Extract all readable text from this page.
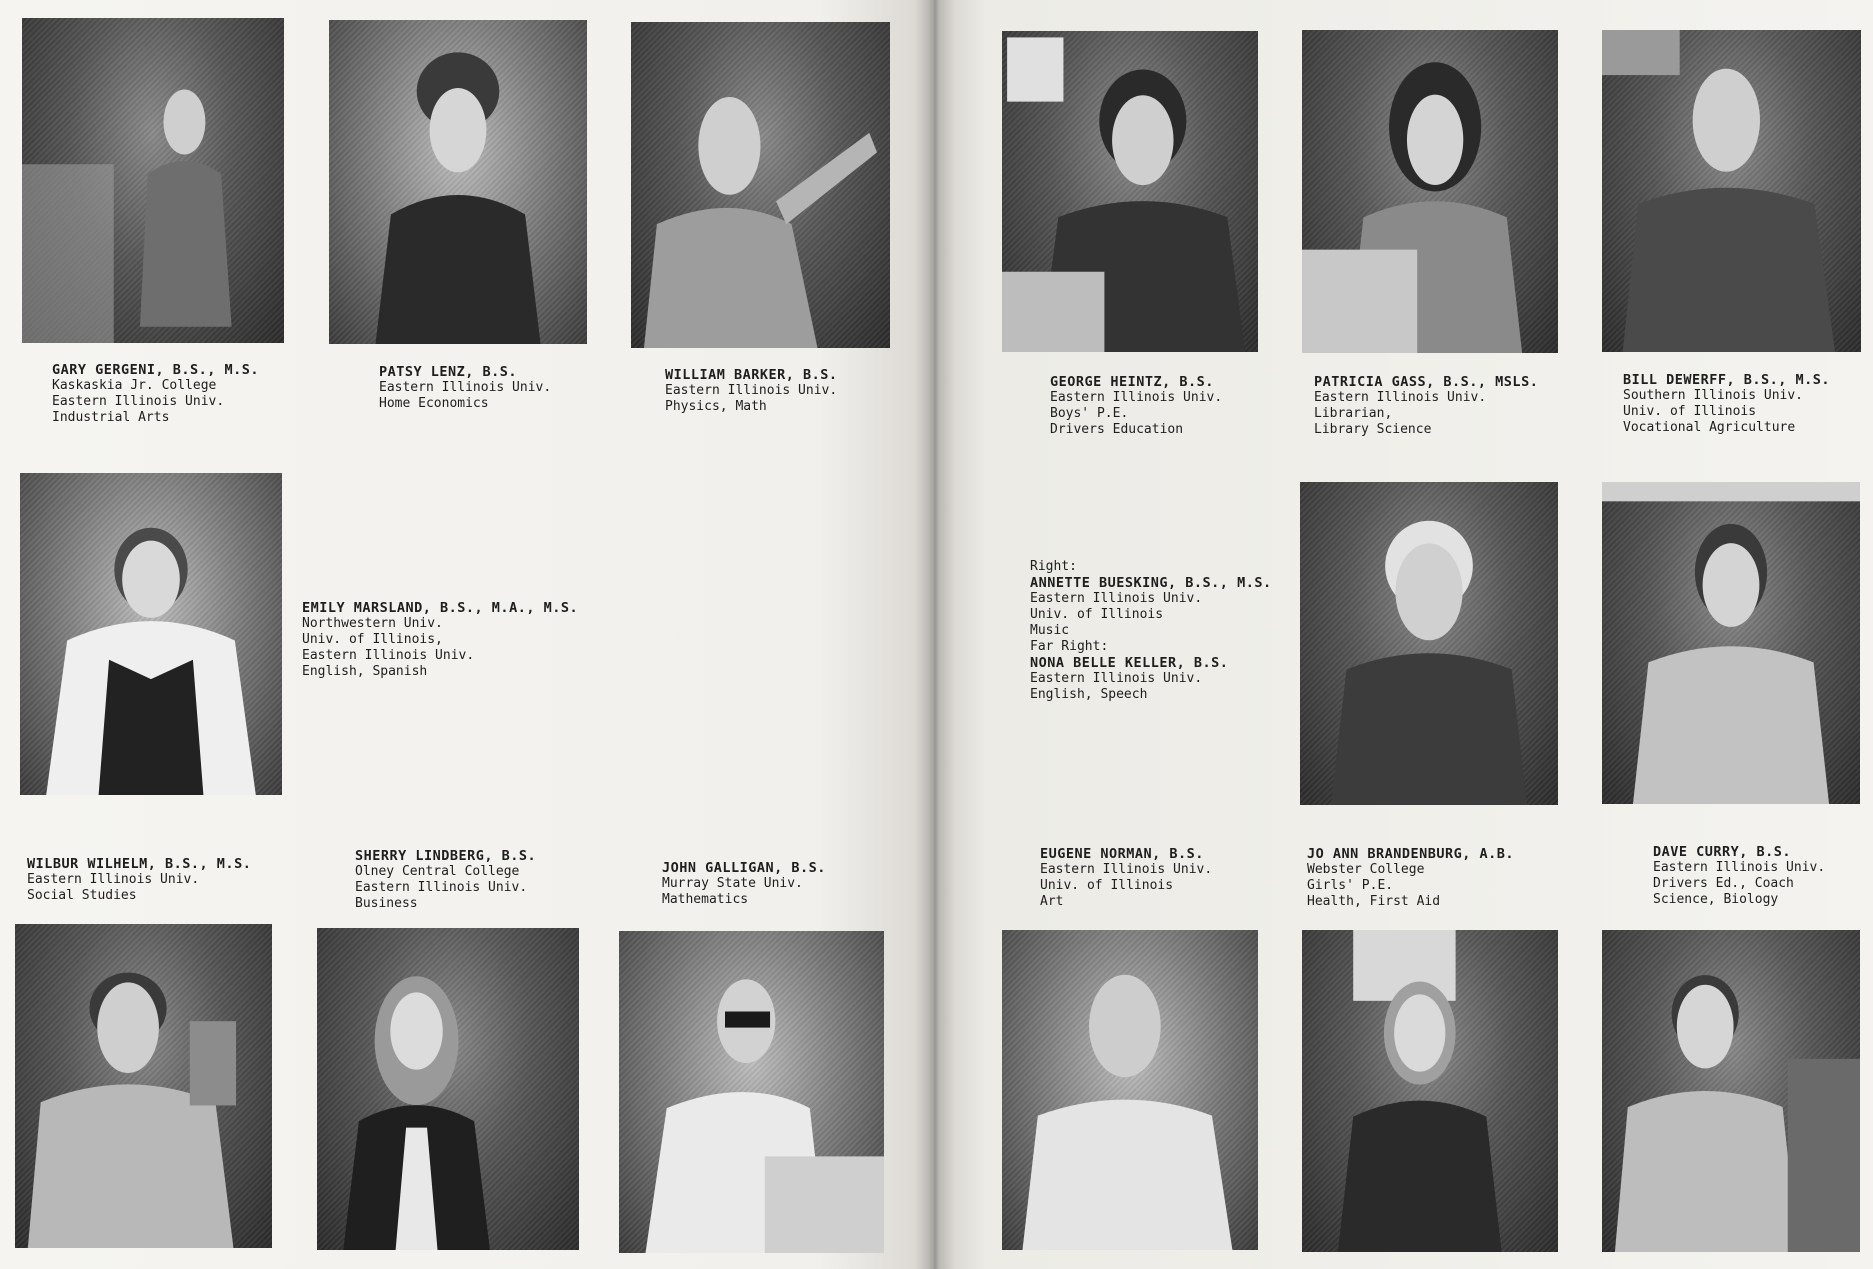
GARY GERGENI, B.S., M.S.
Kaskaskia Jr. College
Eastern Illinois Univ.
Industrial Arts
PATSY LENZ, B.S.
Eastern Illinois Univ.
Home Economics
WILLIAM BARKER, B.S.
Eastern Illinois Univ.
Physics, Math
EMILY MARSLAND, B.S., M.A., M.S.
Northwestern Univ.
Univ. of Illinois,
Eastern Illinois Univ.
English, Spanish
WILBUR WILHELM, B.S., M.S.
Eastern Illinois Univ.
Social Studies
SHERRY LINDBERG, B.S.
Olney Central College
Eastern Illinois Univ.
Business
JOHN GALLIGAN, B.S.
Murray State Univ.
Mathematics
GEORGE HEINTZ, B.S.
Eastern Illinois Univ.
Boys' P.E.
Drivers Education
PATRICIA GASS, B.S., MSLS.
Eastern Illinois Univ.
Librarian,
Library Science
BILL DEWERFF, B.S., M.S.
Southern Illinois Univ.
Univ. of Illinois
Vocational Agriculture
Right:
ANNETTE BUESKING, B.S., M.S.
Eastern Illinois Univ.
Univ. of Illinois
Music
Far Right:
NONA BELLE KELLER, B.S.
Eastern Illinois Univ.
English, Speech
EUGENE NORMAN, B.S.
Eastern Illinois Univ.
Univ. of Illinois
Art
JO ANN BRANDENBURG, A.B.
Webster College
Girls' P.E.
Health, First Aid
DAVE CURRY, B.S.
Eastern Illinois Univ.
Drivers Ed., Coach
Science, Biology
